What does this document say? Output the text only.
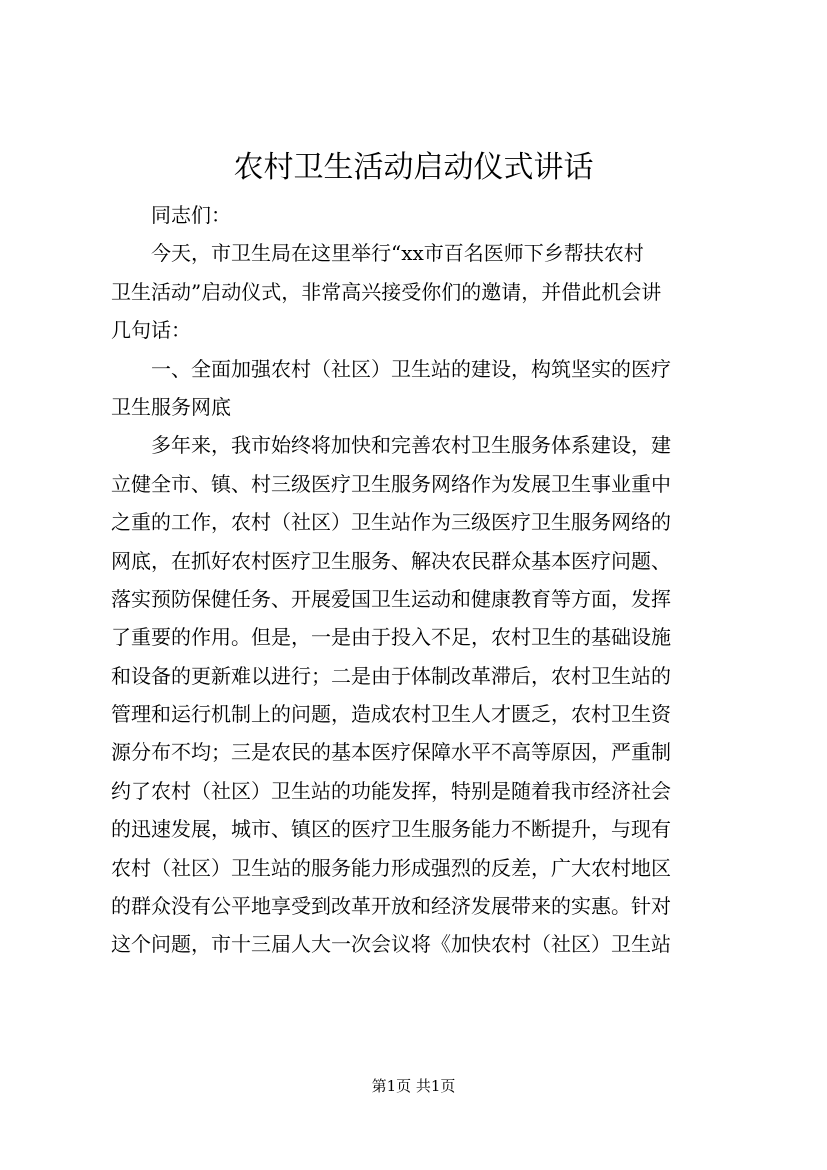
农村卫生活动启动仪式讲话
　　同志们：
　　今天，市卫生局在这里举行“xx市百名医师下乡帮扶农村
卫生活动”启动仪式，非常高兴接受你们的邀请，并借此机会讲
几句话：
　　一、全面加强农村（社区）卫生站的建设，构筑坚实的医疗
卫生服务网底
　　多年来，我市始终将加快和完善农村卫生服务体系建设，建
立健全市、镇、村三级医疗卫生服务网络作为发展卫生事业重中
之重的工作，农村（社区）卫生站作为三级医疗卫生服务网络的
网底，在抓好农村医疗卫生服务、解决农民群众基本医疗问题、
落实预防保健任务、开展爱国卫生运动和健康教育等方面，发挥
了重要的作用。但是，一是由于投入不足，农村卫生的基础设施
和设备的更新难以进行；二是由于体制改革滞后，农村卫生站的
管理和运行机制上的问题，造成农村卫生人才匮乏，农村卫生资
源分布不均；三是农民的基本医疗保障水平不高等原因，严重制
约了农村（社区）卫生站的功能发挥，特别是随着我市经济社会
的迅速发展，城市、镇区的医疗卫生服务能力不断提升，与现有
农村（社区）卫生站的服务能力形成强烈的反差，广大农村地区
的群众没有公平地享受到改革开放和经济发展带来的实惠。针对
这个问题，市十三届人大一次会议将《加快农村（社区）卫生站
第1页 共1页
